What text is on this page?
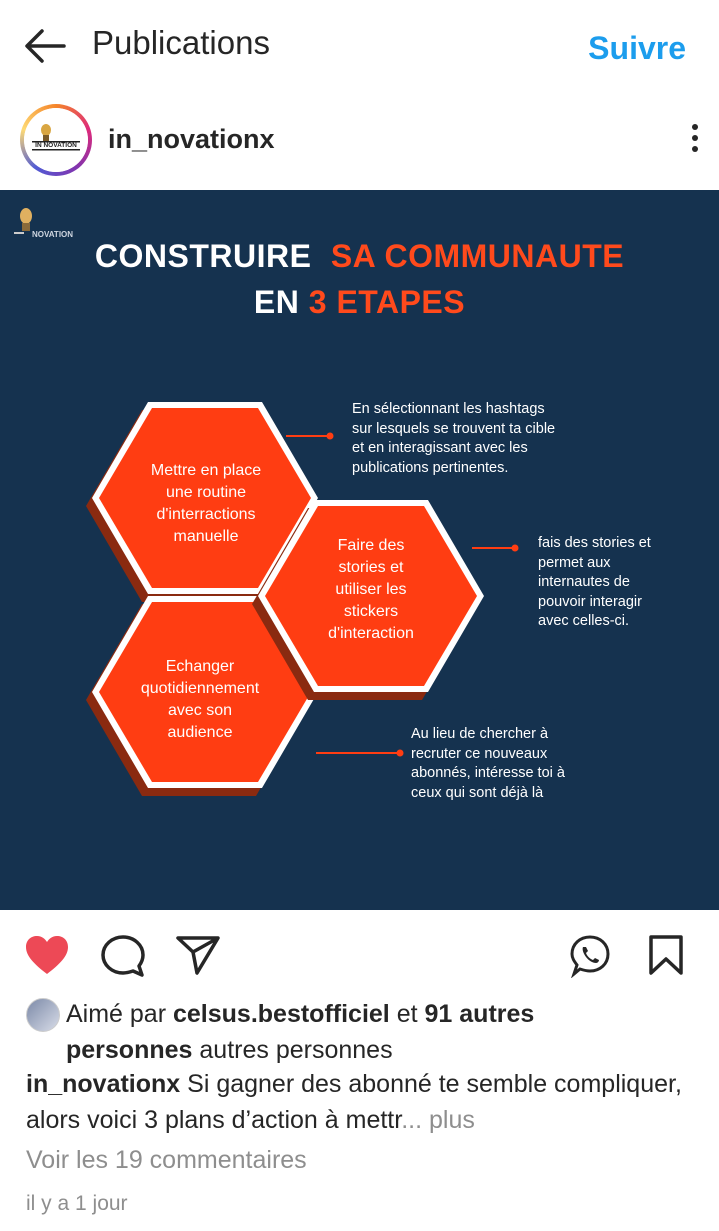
Publications	Suivre
IN NOVATION	in_novationx
NOVATION
CONSTRUIRE SA COMMUNAUTE
EN 3 ETAPES
Mettre en place
une routine
d'interractions
manuelle
Faire des
stories et
utiliser les
stickers
d'interaction
Echanger
quotidiennement
avec son
audience
En sélectionnant les hashtags
sur lesquels se trouvent ta cible
et en interagissant avec les
publications pertinentes.
fais des stories et
permet aux
internautes de
pouvoir interagir
avec celles-ci.
Au lieu de chercher à
recruter ce nouveaux
abonnés, intéresse toi à
ceux qui sont déjà là
Aimé par celsus.bestofficiel et 91 autres
personnes autres personnes
in_novationx Si gagner des abonné te semble compliquer, alors voici 3 plans d’action à mettr... plus
Voir les 19 commentaires
il y a 1 jour
